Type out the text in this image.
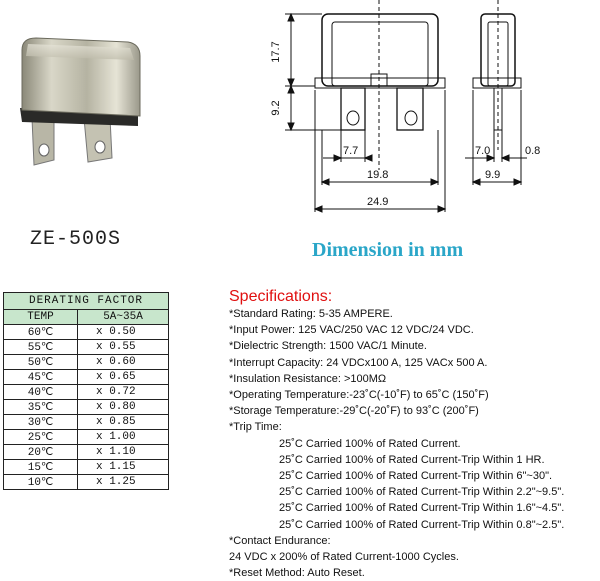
ZE-500S
17.7
9.2
7.7
19.8
24.9
7.0	0.8
9.9
Dimension in mm
DERATING FACTOR	
TEMP	5A~35A
60℃	x 0.50
55℃	x 0.55
50℃	x 0.60
45℃	x 0.65
40℃	x 0.72
35℃	x 0.80
30℃	x 0.85
25℃	x 1.00
20℃	x 1.10
15℃	x 1.15
10℃	x 1.25
Specifications:
*Standard Rating: 5-35 AMPERE.
*Input Power: 125 VAC/250 VAC 12 VDC/24 VDC.
*Dielectric Strength: 1500 VAC/1 Minute.
*Interrupt Capacity: 24 VDCx100 A, 125 VACx 500 A.
*Insulation Resistance: >100MΩ
*Operating Temperature:-23˚C(-10˚F) to 65˚C (150˚F)
*Storage Temperature:-29˚C(-20˚F) to 93˚C (200˚F)
*Trip Time:
25˚C Carried 100% of Rated Current.
25˚C Carried 100% of Rated Current-Trip Within 1 HR.
25˚C Carried 100% of Rated Current-Trip Within 6"~30".
25˚C Carried 100% of Rated Current-Trip Within 2.2"~9.5".
25˚C Carried 100% of Rated Current-Trip Within 1.6"~4.5".
25˚C Carried 100% of Rated Current-Trip Within 0.8"~2.5".
*Contact Endurance:
24 VDC x 200% of Rated Current-1000 Cycles.
*Reset Method: Auto Reset.
